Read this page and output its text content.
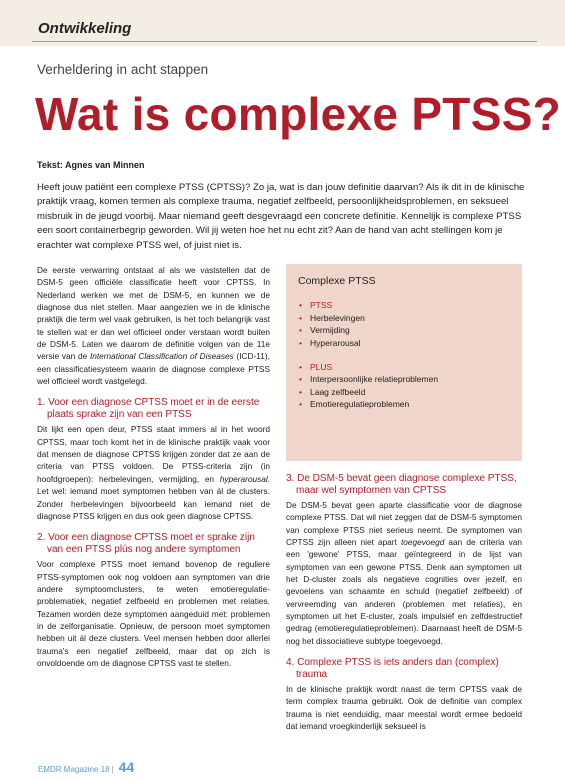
Ontwikkeling
Verheldering in acht stappen
Wat is complexe PTSS?
Tekst: Agnes van Minnen
Heeft jouw patiënt een complexe PTSS (CPTSS)? Zo ja, wat is dan jouw definitie daarvan? Als ik dit in de klinische praktijk vraag, komen termen als complexe trauma, negatief zelfbeeld, persoonlijkheidsproblemen, en seksueel misbruik in de jeugd voorbij. Maar niemand geeft desgevraagd een concrete definitie. Kennelijk is complexe PTSS een soort containerbegrip geworden. Wil jij weten hoe het nu echt zit? Aan de hand van acht stellingen kom je erachter wat complexe PTSS wel, of juist niet is.

De eerste verwarring ontstaat al als we vaststellen dat de DSM-5 geen officiële classificatie heeft voor CPTSS. In Nederland werken we met de DSM-5, en kunnen we de diagnose dus niet stellen. Maar aangezien we in de klinische praktijk die term wel vaak gebruiken, is het toch belangrijk vast te stellen wat er dan wel officieel onder verstaan wordt buiten de DSM-5. Laten we daarom de definitie volgen van de 11e versie van de International Classification of Diseases (ICD-11), een classificatiesysteem waarin de diagnose complexe PTSS wel officieel wordt vastgelegd.

1. Voor een diagnose CPTSS moet er in de eerste plaats sprake zijn van een PTSS

Dit lijkt een open deur, PTSS staat immers al in het woord CPTSS, maar toch komt het in de klinische praktijk vaak voor dat mensen de diagnose CPTSS krijgen zonder dat ze aan de criteria van PTSS voldoen. De PTSS-criteria zijn (in hoofdgroepen): herbelevingen, vermijding, en hyperarousal. Let wel: iemand moet symptomen hebben van ál de clusters. Zonder herbelevingen bijvoorbeeld kan iemand niet de diagnose PTSS krijgen en dus ook geen diagnose CPTSS.

2. Voor een diagnose CPTSS moet er sprake zijn van een PTSS plús nog andere symptomen

Voor complexe PTSS moet iemand bovenop de reguliere PTSS-symptomen ook nog voldoen aan symptomen van drie andere symptoomclusters, te weten emotieregulatie-problematiek, negatief zelfbeeld en problemen met relaties. Tezamen worden deze symptomen aangeduid met: problemen in de zelforganisatie. Opnieuw, de persoon moet symptomen hebben uit ál deze clusters. Veel mensen hebben door allerlei trauma's een negatief zelfbeeld, maar dat op zich is onvoldoende om de diagnose CPTSS vast te stellen.

Complexe PTSS
• PTSS
• Herbelevingen
• Vermijding
• Hyperarousal
• PLUS
• Interpersoonlijke relatieproblemen
• Laag zelfbeeld
• Emotieregulatieproblemen
3. De DSM-5 bevat geen diagnose complexe PTSS, maar wel symptomen van CPTSS

De DSM-5 bevat geen aparte classificatie voor de diagnose complexe PTSS. Dat wil niet zeggen dat de DSM-5 symptomen van complexe PTSS niet serieus neemt. De symptomen van CPTSS zijn alleen niet apart toegevoegd aan de criteria van een 'gewone' PTSS, maar geïntegreerd in de lijst van symptomen van een gewone PTSS. Denk aan symptomen uit het D-cluster zoals als negatieve cognities over jezelf, en gevoelens van schaamte en schuld (negatief zelfbeeld) of vervreemding van anderen (problemen met relaties), en symptomen uit het E-cluster, zoals impulsief en zelfdestructief gedrag (emotieregulatieproblemen). Daarnaast heeft de DSM-5 nog het dissociatieve subtype toegevoegd.

4. Complexe PTSS is iets anders dan (complex) trauma

In de klinische praktijk wordt naast de term CPTSS vaak de term complex trauma gebruikt. Ook de definitie van complex trauma is niet eenduidig, maar meestal wordt ermee bedoeld dat iemand vroegkinderlijk seksueel is

EMDR Magazine 18 | 44
